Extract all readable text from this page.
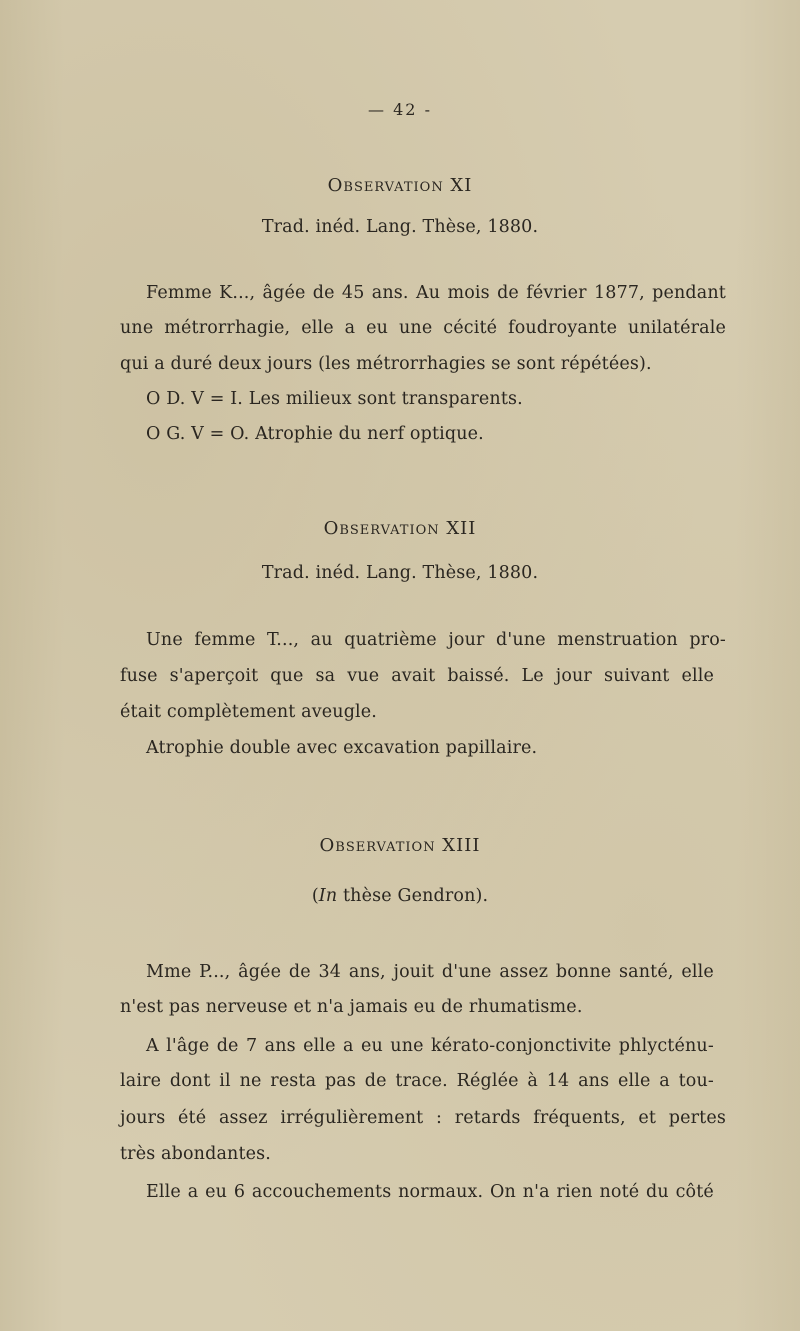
— 42 -
Observation XI
Trad. inéd. Lang. Thèse, 1880.
Femme K..., âgée de 45 ans. Au mois de février 1877, pendant
une métrorrhagie, elle a eu une cécité foudroyante unilatérale
qui a duré deux jours (les métrorrhagies se sont répétées).
O D. V = I. Les milieux sont transparents.
O G. V = O. Atrophie du nerf optique.
Observation XII
Trad. inéd. Lang. Thèse, 1880.
Une femme T..., au quatrième jour d'une menstruation pro-
fuse s'aperçoit que sa vue avait baissé. Le jour suivant elle
était complètement aveugle.
Atrophie double avec excavation papillaire.
Observation XIII
(In thèse Gendron).
Mme P..., âgée de 34 ans, jouit d'une assez bonne santé, elle
n'est pas nerveuse et n'a jamais eu de rhumatisme.
A l'âge de 7 ans elle a eu une kérato-conjonctivite phlycténu-
laire dont il ne resta pas de trace. Réglée à 14 ans elle a tou-
jours été assez irrégulièrement : retards fréquents, et pertes
très abondantes.
Elle a eu 6 accouchements normaux. On n'a rien noté du côté
